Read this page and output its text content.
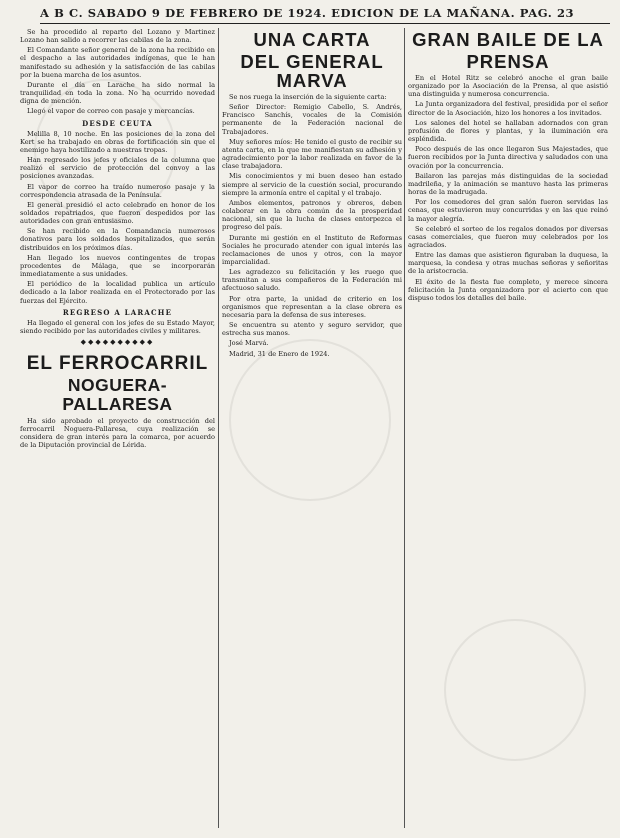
A B C. SABADO 9 DE FEBRERO DE 1924. EDICION DE LA MAÑANA. PAG. 23

Se ha procedido al reparto del Lozano y Martinez Lozano han salido a recorrer las cabilas de la zona.

El Comandante señor general de la zona ha recibido en el despacho a las autoridades indígenas, que le han manifestado su adhesión y la satisfacción de las cabilas por la buena marcha de los asuntos.

Durante el día en Larache ha sido normal la tranquilidad en toda la zona. No ha ocurrido novedad digna de mención.

Llegó el vapor de correo con pasaje y mercancías.

DESDE CEUTA

Melilla 8, 10 noche. En las posiciones de la zona del Kert se ha trabajado en obras de fortificación sin que el enemigo haya hostilizado a nuestras tropas.

Han regresado los jefes y oficiales de la columna que realizó el servicio de protección del convoy a las posiciones avanzadas.

El vapor de correo ha traído numeroso pasaje y la correspondencia atrasada de la Península.

El general presidió el acto celebrado en honor de los soldados repatriados, que fueron despedidos por las autoridades con gran entusiasmo.

Se han recibido en la Comandancia numerosos donativos para los soldados hospitalizados, que serán distribuidos en los próximos días.

Han llegado los nuevos contingentes de tropas procedentes de Málaga, que se incorporarán inmediatamente a sus unidades.

El periódico de la localidad publica un artículo dedicado a la labor realizada en el Protectorado por las fuerzas del Ejército.

REGRESO A LARACHE

Ha llegado el general con los jefes de su Estado Mayor, siendo recibido por las autoridades civiles y militares.

◆◆◆◆◆◆◆◆◆◆
EL FERROCARRIL
NOGUERA-PALLARESA

Ha sido aprobado el proyecto de construcción del ferrocarril Noguera-Pallaresa, cuya realización se considera de gran interés para la comarca, por acuerdo de la Diputación provincial de Lérida.

UNA CARTA
DEL GENERAL MARVA

Se nos ruega la inserción de la siguiente carta:

Señor Director: Remigio Cabello, S. Andrés, Francisco Sanchís, vocales de la Comisión permanente de la Federación nacional de Trabajadores.

Muy señores míos: He tenido el gusto de recibir su atenta carta, en la que me manifiestan su adhesión y agradecimiento por la labor realizada en favor de la clase trabajadora.

Mis conocimientos y mi buen deseo han estado siempre al servicio de la cuestión social, procurando siempre la armonía entre el capital y el trabajo.

Ambos elementos, patronos y obreros, deben colaborar en la obra común de la prosperidad nacional, sin que la lucha de clases entorpezca el progreso del país.

Durante mi gestión en el Instituto de Reformas Sociales he procurado atender con igual interés las reclamaciones de unos y otros, con la mayor imparcialidad.

Les agradezco su felicitación y les ruego que transmitan a sus compañeros de la Federación mi afectuoso saludo.

Por otra parte, la unidad de criterio en los organismos que representan a la clase obrera es necesaria para la defensa de sus intereses.

Se encuentra su atento y seguro servidor, que estrecha sus manos.

José Marvá.

Madrid, 31 de Enero de 1924.

GRAN BAILE DE LA
PRENSA

En el Hotel Ritz se celebró anoche el gran baile organizado por la Asociación de la Prensa, al que asistió una distinguida y numerosa concurrencia.

La Junta organizadora del festival, presidida por el señor director de la Asociación, hizo los honores a los invitados.

Los salones del hotel se hallaban adornados con gran profusión de flores y plantas, y la iluminación era espléndida.

Poco después de las once llegaron Sus Majestades, que fueron recibidos por la Junta directiva y saludados con una ovación por la concurrencia.

Bailaron las parejas más distinguidas de la sociedad madrileña, y la animación se mantuvo hasta las primeras horas de la madrugada.

Por los comedores del gran salón fueron servidas las cenas, que estuvieron muy concurridas y en las que reinó la mayor alegría.

Se celebró el sorteo de los regalos donados por diversas casas comerciales, que fueron muy celebrados por los agraciados.

Entre las damas que asistieron figuraban la duquesa, la marquesa, la condesa y otras muchas señoras y señoritas de la aristocracia.

El éxito de la fiesta fue completo, y merece sincera felicitación la Junta organizadora por el acierto con que dispuso todos los detalles del baile.
